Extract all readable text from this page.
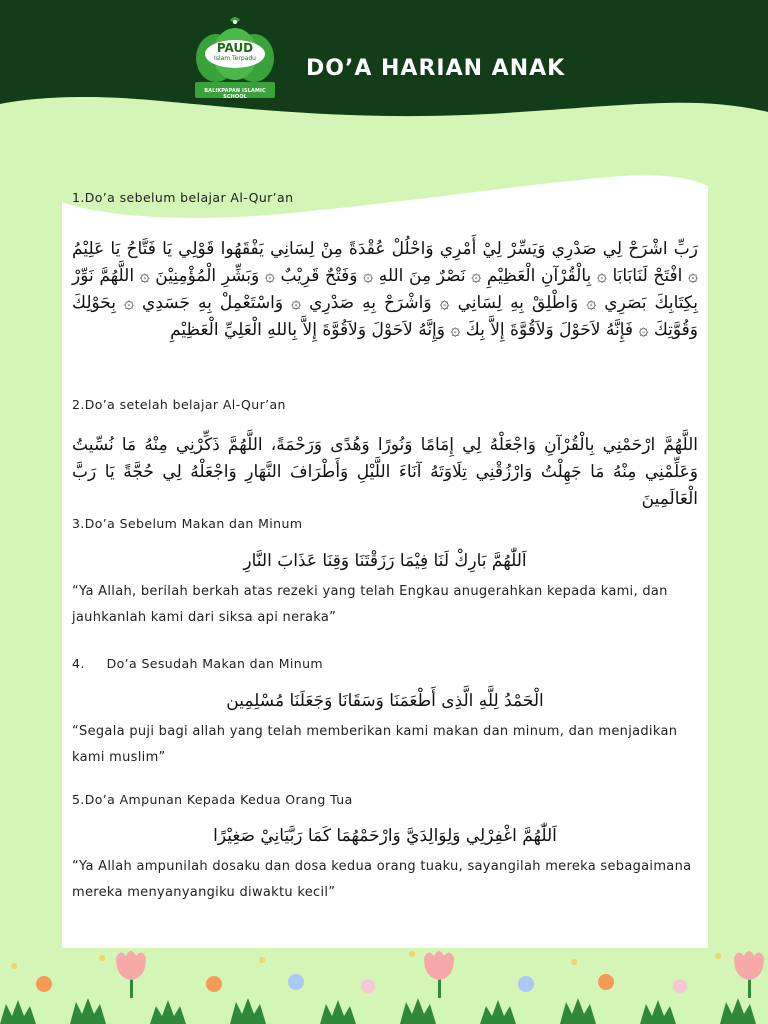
PAUD
Islam Terpadu
BALIKPAPAN ISLAMIC SCHOOL
DO’A HARIAN ANAK

1.Do’a sebelum belajar Al-Qur’an

رَبِّ اشْرَحْ لِي صَدْرِي وَيَسِّرْ لِيْ أَمْرِي وَاحْلُلْ عُقْدَةً مِنْ لِسَانِي يَفْقَهُوا قَوْلِي يَا فَتَّاحُ يَا عَلِيْمُ ۞ افْتَحْ لَنَابَابَا ۞ بِالْقُرْآنِ الْعَظِيْمِ ۞ نَصْرٌ مِنَ اللهِ ۞ وَفَتْحٌ قَرِيْبٌ ۞ وَبَشِّرِ الْمُؤْمِنِيْنَ ۞ اللَّهُمَّ نَوِّرْ بِكِتَابِكَ بَصَرِي ۞ وَاطْلِقْ بِهِ لِسَانِي ۞ وَاشْرَحْ بِهِ صَدْرِي ۞ وَاسْتَعْمِلْ بِهِ جَسَدِي ۞ بِحَوْلِكَ وَقُوَّتِكَ ۞ فَإِنَّهُ لاَحَوْلَ وَلاَقُوَّةَ إِلاَّ بِكَ ۞ وَإِنَّهُ لاَحَوْلَ وَلاَقُوَّةَ إِلاَّ بِاللهِ الْعَلِيِّ الْعَظِيْمِ

2.Do’a setelah belajar Al-Qur’an

اللَّهُمَّ ارْحَمْنِي بِالْقُرْآنِ وَاجْعَلْهُ لِي إِمَامًا وَنُورًا وَهُدًى وَرَحْمَةً، اللَّهُمَّ ذَكِّرْنِي مِنْهُ مَا نُسِّيتُ وَعَلِّمْنِي مِنْهُ مَا جَهِلْتُ وَارْزُقْنِي تِلَاوَتَهُ آنَاءَ اللَّيْلِ وَأَطْرَافَ النَّهَارِ وَاجْعَلْهُ لِي حُجَّةً يَا رَبَّ الْعَالَمِينَ

3.Do’a Sebelum Makan dan Minum

اَللّٰهُمَّ بَارِكْ لَنَا فِيْمَا رَزَقْتَنَا وَقِنَا عَذَابَ النَّارِ

“Ya Allah, berilah berkah atas rezeki yang telah Engkau anugerahkan kepada kami, dan jauhkanlah kami dari siksa api neraka”

4.     Do’a Sesudah Makan dan Minum

الْحَمْدُ لِلَّهِ الَّذِى أَطْعَمَنَا وَسَقَانَا وَجَعَلَنَا مُسْلِمِين

“Segala puji bagi allah yang telah memberikan kami makan dan minum, dan menjadikan kami muslim”

5.Do’a Ampunan Kepada Kedua Orang Tua

اَللّٰهُمَّ اغْفِرْلِي وَلِوَالِدَيَّ وَارْحَمْهُمَا كَمَا رَبَّيَانِيْ صَغِيْرًا

“Ya Allah ampunilah dosaku dan dosa kedua orang tuaku, sayangilah mereka sebagaimana mereka menyanyangiku diwaktu kecil”
